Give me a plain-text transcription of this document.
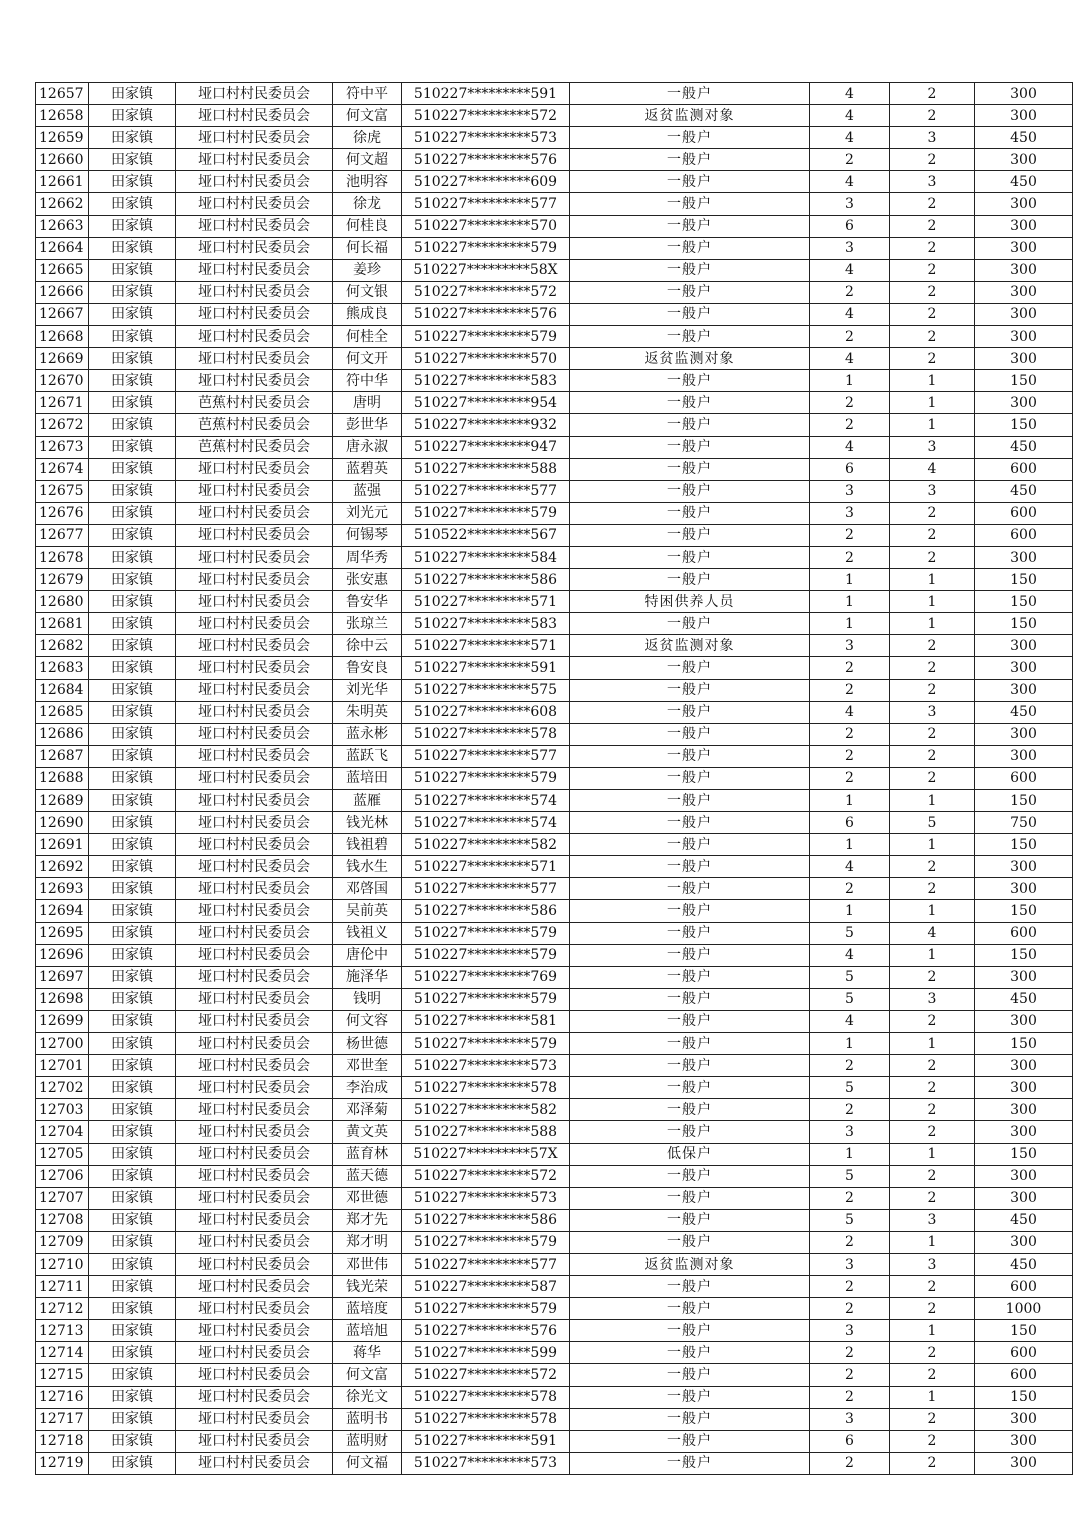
12657	田家镇	垭口村村民委员会	符中平	510227*********591	一般户	4	2	300
12658	田家镇	垭口村村民委员会	何文富	510227*********572	返贫监测对象	4	2	300
12659	田家镇	垭口村村民委员会	徐虎	510227*********573	一般户	4	3	450
12660	田家镇	垭口村村民委员会	何文超	510227*********576	一般户	2	2	300
12661	田家镇	垭口村村民委员会	池明容	510227*********609	一般户	4	3	450
12662	田家镇	垭口村村民委员会	徐龙	510227*********577	一般户	3	2	300
12663	田家镇	垭口村村民委员会	何桂良	510227*********570	一般户	6	2	300
12664	田家镇	垭口村村民委员会	何长福	510227*********579	一般户	3	2	300
12665	田家镇	垭口村村民委员会	姜珍	510227*********58X	一般户	4	2	300
12666	田家镇	垭口村村民委员会	何文银	510227*********572	一般户	2	2	300
12667	田家镇	垭口村村民委员会	熊成良	510227*********576	一般户	4	2	300
12668	田家镇	垭口村村民委员会	何桂全	510227*********579	一般户	2	2	300
12669	田家镇	垭口村村民委员会	何文开	510227*********570	返贫监测对象	4	2	300
12670	田家镇	垭口村村民委员会	符中华	510227*********583	一般户	1	1	150
12671	田家镇	芭蕉村村民委员会	唐明	510227*********954	一般户	2	1	300
12672	田家镇	芭蕉村村民委员会	彭世华	510227*********932	一般户	2	1	150
12673	田家镇	芭蕉村村民委员会	唐永淑	510227*********947	一般户	4	3	450
12674	田家镇	垭口村村民委员会	蓝碧英	510227*********588	一般户	6	4	600
12675	田家镇	垭口村村民委员会	蓝强	510227*********577	一般户	3	3	450
12676	田家镇	垭口村村民委员会	刘光元	510227*********579	一般户	3	2	600
12677	田家镇	垭口村村民委员会	何锡琴	510522*********567	一般户	2	2	600
12678	田家镇	垭口村村民委员会	周华秀	510227*********584	一般户	2	2	300
12679	田家镇	垭口村村民委员会	张安惠	510227*********586	一般户	1	1	150
12680	田家镇	垭口村村民委员会	鲁安华	510227*********571	特困供养人员	1	1	150
12681	田家镇	垭口村村民委员会	张琼兰	510227*********583	一般户	1	1	150
12682	田家镇	垭口村村民委员会	徐中云	510227*********571	返贫监测对象	3	2	300
12683	田家镇	垭口村村民委员会	鲁安良	510227*********591	一般户	2	2	300
12684	田家镇	垭口村村民委员会	刘光华	510227*********575	一般户	2	2	300
12685	田家镇	垭口村村民委员会	朱明英	510227*********608	一般户	4	3	450
12686	田家镇	垭口村村民委员会	蓝永彬	510227*********578	一般户	2	2	300
12687	田家镇	垭口村村民委员会	蓝跃飞	510227*********577	一般户	2	2	300
12688	田家镇	垭口村村民委员会	蓝培田	510227*********579	一般户	2	2	600
12689	田家镇	垭口村村民委员会	蓝雁	510227*********574	一般户	1	1	150
12690	田家镇	垭口村村民委员会	钱光林	510227*********574	一般户	6	5	750
12691	田家镇	垭口村村民委员会	钱祖碧	510227*********582	一般户	1	1	150
12692	田家镇	垭口村村民委员会	钱水生	510227*********571	一般户	4	2	300
12693	田家镇	垭口村村民委员会	邓啓国	510227*********577	一般户	2	2	300
12694	田家镇	垭口村村民委员会	吴前英	510227*********586	一般户	1	1	150
12695	田家镇	垭口村村民委员会	钱祖义	510227*********579	一般户	5	4	600
12696	田家镇	垭口村村民委员会	唐伦中	510227*********579	一般户	4	1	150
12697	田家镇	垭口村村民委员会	施泽华	510227*********769	一般户	5	2	300
12698	田家镇	垭口村村民委员会	钱明	510227*********579	一般户	5	3	450
12699	田家镇	垭口村村民委员会	何文容	510227*********581	一般户	4	2	300
12700	田家镇	垭口村村民委员会	杨世德	510227*********579	一般户	1	1	150
12701	田家镇	垭口村村民委员会	邓世奎	510227*********573	一般户	2	2	300
12702	田家镇	垭口村村民委员会	李治成	510227*********578	一般户	5	2	300
12703	田家镇	垭口村村民委员会	邓泽菊	510227*********582	一般户	2	2	300
12704	田家镇	垭口村村民委员会	黄文英	510227*********588	一般户	3	2	300
12705	田家镇	垭口村村民委员会	蓝育林	510227*********57X	低保户	1	1	150
12706	田家镇	垭口村村民委员会	蓝天德	510227*********572	一般户	5	2	300
12707	田家镇	垭口村村民委员会	邓世德	510227*********573	一般户	2	2	300
12708	田家镇	垭口村村民委员会	郑才先	510227*********586	一般户	5	3	450
12709	田家镇	垭口村村民委员会	郑才明	510227*********579	一般户	2	1	300
12710	田家镇	垭口村村民委员会	邓世伟	510227*********577	返贫监测对象	3	3	450
12711	田家镇	垭口村村民委员会	钱光荣	510227*********587	一般户	2	2	600
12712	田家镇	垭口村村民委员会	蓝培度	510227*********579	一般户	2	2	1000
12713	田家镇	垭口村村民委员会	蓝培旭	510227*********576	一般户	3	1	150
12714	田家镇	垭口村村民委员会	蒋华	510227*********599	一般户	2	2	600
12715	田家镇	垭口村村民委员会	何文富	510227*********572	一般户	2	2	600
12716	田家镇	垭口村村民委员会	徐光文	510227*********578	一般户	2	1	150
12717	田家镇	垭口村村民委员会	蓝明书	510227*********578	一般户	3	2	300
12718	田家镇	垭口村村民委员会	蓝明财	510227*********591	一般户	6	2	300
12719	田家镇	垭口村村民委员会	何文福	510227*********573	一般户	2	2	300
